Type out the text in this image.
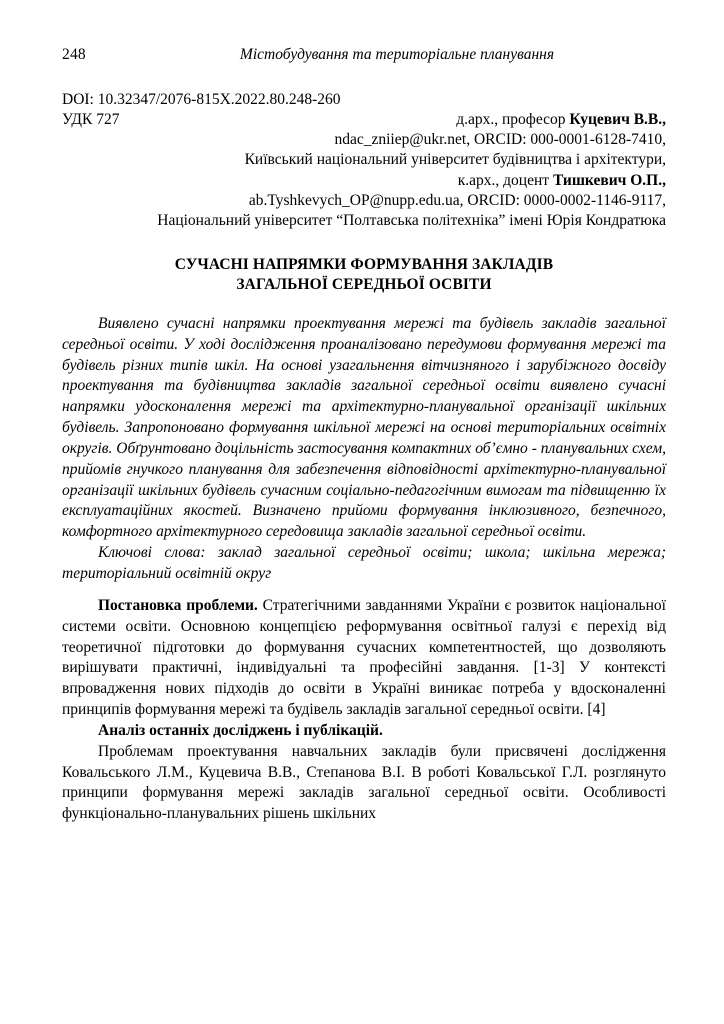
248	Містобудування та територіальне планування
DOI: 10.32347/2076-815X.2022.80.248-260
УДК 727	д.арх., професор Куцевич В.В.,
ndac_zniiep@ukr.net, ORCID: 000-0001-6128-7410,
Київський національний університет будівництва і архітектури,
к.арх., доцент Тишкевич О.П.,
ab.Tyshkevych_OP@nupp.edu.ua, ORCID: 0000-0002-1146-9117,
Національний університет “Полтавська політехніка” імені Юрія Кондратюка
СУЧАСНІ НАПРЯМКИ ФОРМУВАННЯ ЗАКЛАДІВ
ЗАГАЛЬНОЇ СЕРЕДНЬОЇ ОСВІТИ
Виявлено сучасні напрямки проектування мережі та будівель закладів загальної середньої освіти. У ході дослідження проаналізовано передумови формування мережі та будівель різних типів шкіл. На основі узагальнення вітчизняного і зарубіжного досвіду проектування та будівництва закладів загальної середньої освіти виявлено сучасні напрямки удосконалення мережі та архітектурно-планувальної організації шкільних будівель. Запропоновано формування шкільної мережі на основі територіальних освітніх округів. Обґрунтовано доцільність застосування компактних об’ємно - планувальних схем, прийомів гнучкого планування для забезпечення відповідності архітектурно-планувальної організації шкільних будівель сучасним соціально-педагогічним вимогам та підвищенню їх експлуатаційних якостей. Визначено прийоми формування інклюзивного, безпечного, комфортного архітектурного середовища закладів загальної середньої освіти.
Ключові слова: заклад загальної середньої освіти; школа; шкільна мережа; територіальний освітній округ
Постановка проблеми. Стратегічними завданнями України є розвиток національної системи освіти. Основною концепцією реформування освітньої галузі є перехід від теоретичної підготовки до формування сучасних компетентностей, що дозволяють вирішувати практичні, індивідуальні та професійні завдання. [1-3] У контексті впровадження нових підходів до освіти в Україні виникає потреба у вдосконаленні принципів формування мережі та будівель закладів загальної середньої освіти. [4]
Аналіз останніх досліджень і публікацій.
Проблемам проектування навчальних закладів були присвячені дослідження Ковальського Л.М., Куцевича В.В., Степанова В.І. В роботі Ковальської Г.Л. розглянуто принципи формування мережі закладів загальної середньої освіти. Особливості функціонально-планувальних рішень шкільних
